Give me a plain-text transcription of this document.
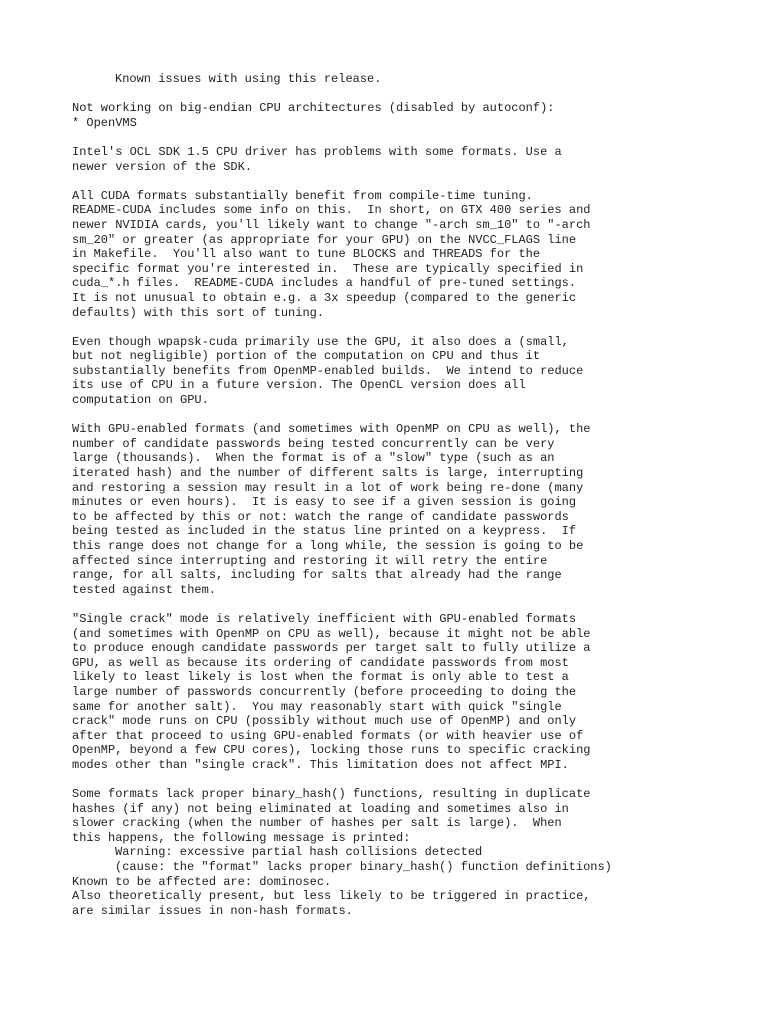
Known issues with using this release.
Not working on big-endian CPU architectures (disabled by autoconf):
* OpenVMS
Intel's OCL SDK 1.5 CPU driver has problems with some formats. Use a
newer version of the SDK.
All CUDA formats substantially benefit from compile-time tuning.
README-CUDA includes some info on this.  In short, on GTX 400 series and
newer NVIDIA cards, you'll likely want to change "-arch sm_10" to "-arch
sm_20" or greater (as appropriate for your GPU) on the NVCC_FLAGS line
in Makefile.  You'll also want to tune BLOCKS and THREADS for the
specific format you're interested in.  These are typically specified in
cuda_*.h files.  README-CUDA includes a handful of pre-tuned settings.
It is not unusual to obtain e.g. a 3x speedup (compared to the generic
defaults) with this sort of tuning.
Even though wpapsk-cuda primarily use the GPU, it also does a (small,
but not negligible) portion of the computation on CPU and thus it
substantially benefits from OpenMP-enabled builds.  We intend to reduce
its use of CPU in a future version. The OpenCL version does all
computation on GPU.
With GPU-enabled formats (and sometimes with OpenMP on CPU as well), the
number of candidate passwords being tested concurrently can be very
large (thousands).  When the format is of a "slow" type (such as an
iterated hash) and the number of different salts is large, interrupting
and restoring a session may result in a lot of work being re-done (many
minutes or even hours).  It is easy to see if a given session is going
to be affected by this or not: watch the range of candidate passwords
being tested as included in the status line printed on a keypress.  If
this range does not change for a long while, the session is going to be
affected since interrupting and restoring it will retry the entire
range, for all salts, including for salts that already had the range
tested against them.
"Single crack" mode is relatively inefficient with GPU-enabled formats
(and sometimes with OpenMP on CPU as well), because it might not be able
to produce enough candidate passwords per target salt to fully utilize a
GPU, as well as because its ordering of candidate passwords from most
likely to least likely is lost when the format is only able to test a
large number of passwords concurrently (before proceeding to doing the
same for another salt).  You may reasonably start with quick "single
crack" mode runs on CPU (possibly without much use of OpenMP) and only
after that proceed to using GPU-enabled formats (or with heavier use of
OpenMP, beyond a few CPU cores), locking those runs to specific cracking
modes other than "single crack". This limitation does not affect MPI.
Some formats lack proper binary_hash() functions, resulting in duplicate
hashes (if any) not being eliminated at loading and sometimes also in
slower cracking (when the number of hashes per salt is large).  When
this happens, the following message is printed:
Warning: excessive partial hash collisions detected
(cause: the "format" lacks proper binary_hash() function definitions)
Known to be affected are: dominosec.
Also theoretically present, but less likely to be triggered in practice,
are similar issues in non-hash formats.
